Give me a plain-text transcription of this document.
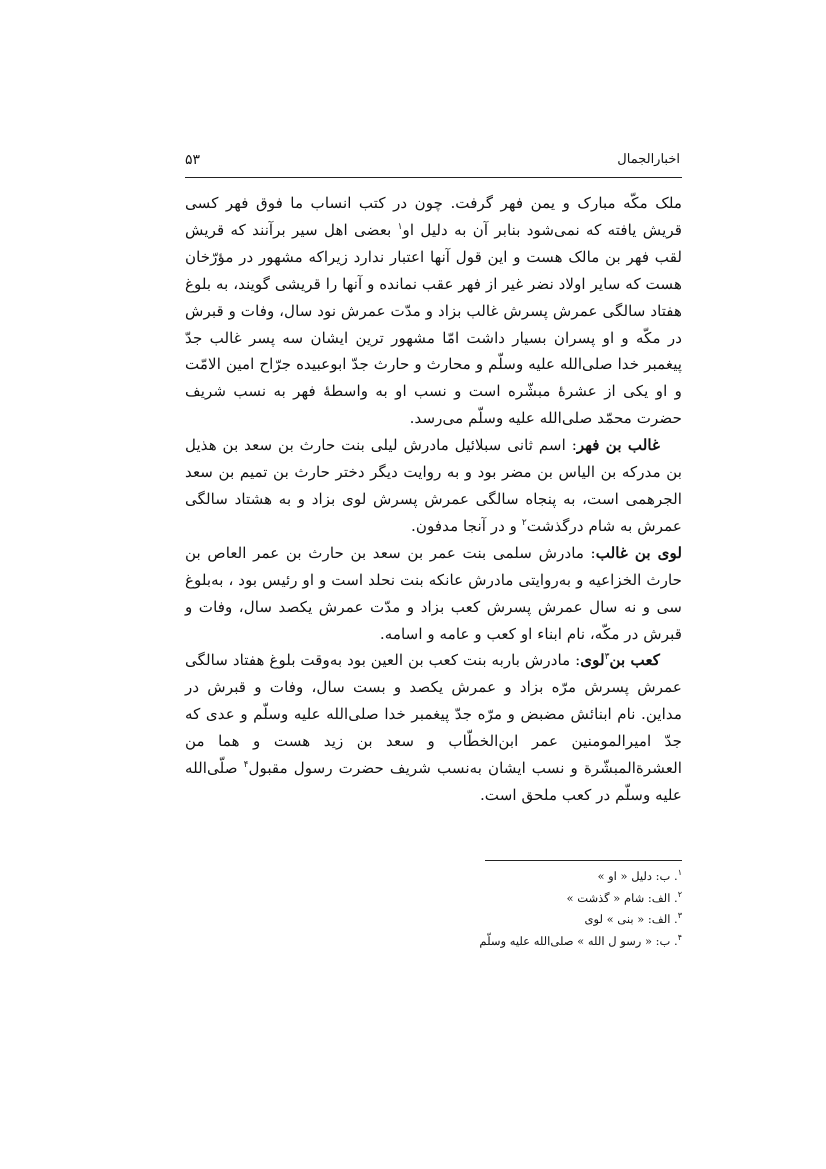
اخبارالجمال
۵۳

ملک مکّه مبارک و یمن فهر گرفت. چون در کتب انساب ما فوق فهر کسی قریش یافته که نمی‌شود بنابر آن به دلیل او$^۱$ بعضی اهل سیر برآنند که قریش لقب فهر بن مالک هست و این قول آنها اعتبار ندارد زیراکه مشهور در مؤرّخان هست که سایر اولاد نضر غیر از فهر عقب نمانده و آنها را قریشی گویند، به بلوغ هفتاد سالگی عمرش پسرش غالب بزاد و مدّت عمرش نود سال، وفات و قبرش در مکّه و او پسران بسیار داشت امّا مشهور ترین ایشان سه پسر غالب جدّ پیغمبر خدا صلی‌الله علیه وسلّم و محارث و حارث جدّ ابوعبیده جرّاح امین الامّت و او یکی از عشرهٔ مبشّره است و نسب او به واسطهٔ فهر به نسب شریف حضرت محمّد صلی‌الله علیه وسلّم می‌رسد.

غالب بن فهر: اسم ثانی سبلائیل مادرش لیلی بنت حارث بن سعد بن هذیل بن مدرکه بن الیاس بن مضر بود و به روایت دیگر دختر حارث بن تمیم بن سعد الجرهمی است، به پنجاه سالگی عمرش پسرش لوی بزاد و به هشتاد سالگی عمرش به شام درگذشت$^۲$ و در آنجا مدفون.

لوی بن غالب: مادرش سلمی بنت عمر بن سعد بن حارث بن عمر العاص بن حارث الخزاعیه و به‌روایتی مادرش عانکه بنت نحلد است و او رئیس بود ، به‌بلوغ سی و نه سال عمرش پسرش کعب بزاد و مدّت عمرش یکصد سال، وفات و قبرش در مکّه، نام ابناء او کعب و عامه و اسامه.

کعب بن$^۳$لوی: مادرش باربه بنت کعب بن العین بود به‌وقت بلوغ هفتاد سالگی عمرش پسرش مرّه بزاد و عمرش یکصد و بست سال، وفات و قبرش در مداین. نام ابنائش مضبض و مرّه جدّ پیغمبر خدا صلی‌الله علیه وسلّم و عدی که جدّ امیرالمومنین عمر ابن‌الخطّاب و سعد بن زید هست و هما من العشرة‌المبشّرة و نسب ایشان به‌نسب شریف حضرت رسول مقبول$^۴$ صلّی‌الله علیه وسلّم در کعب ملحق است.

$^۱$. ب: دلیل « او »
$^۲$. الف: شام « گذشت »
$^۳$. الف: « بنی » لوی
$^۴$. ب: « رسو ل الله » صلی‌الله علیه وسلّم
